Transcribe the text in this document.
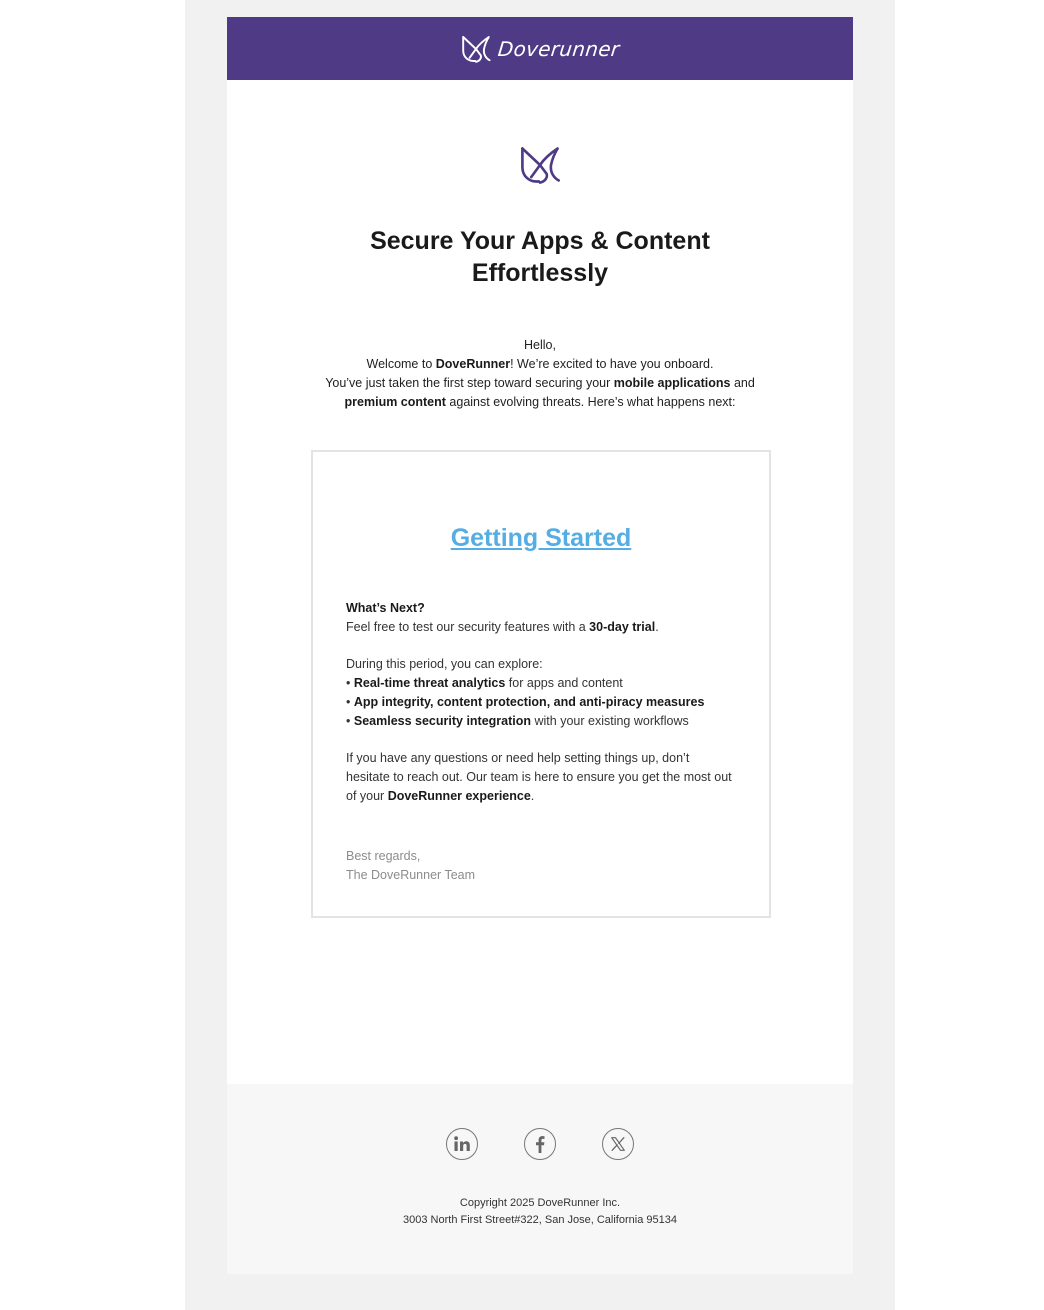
Doverunner
Secure Your Apps & Content Effortlessly

Hello,

Welcome to DoveRunner! We’re excited to have you onboard.

You’ve just taken the first step toward securing your mobile applications and

premium content against evolving threats. Here’s what happens next:

Getting Started

What’s Next?

Feel free to test our security features with a 30-day trial.

During this period, you can explore:

• Real-time threat analytics for apps and content

• App integrity, content protection, and anti-piracy measures

• Seamless security integration with your existing workflows

If you have any questions or need help setting things up, don’t

hesitate to reach out. Our team is here to ensure you get the most out

of your DoveRunner experience.

Best regards,

The DoveRunner Team

Copyright 2025 DoveRunner Inc.

3003 North First Street#322, San Jose, California 95134
